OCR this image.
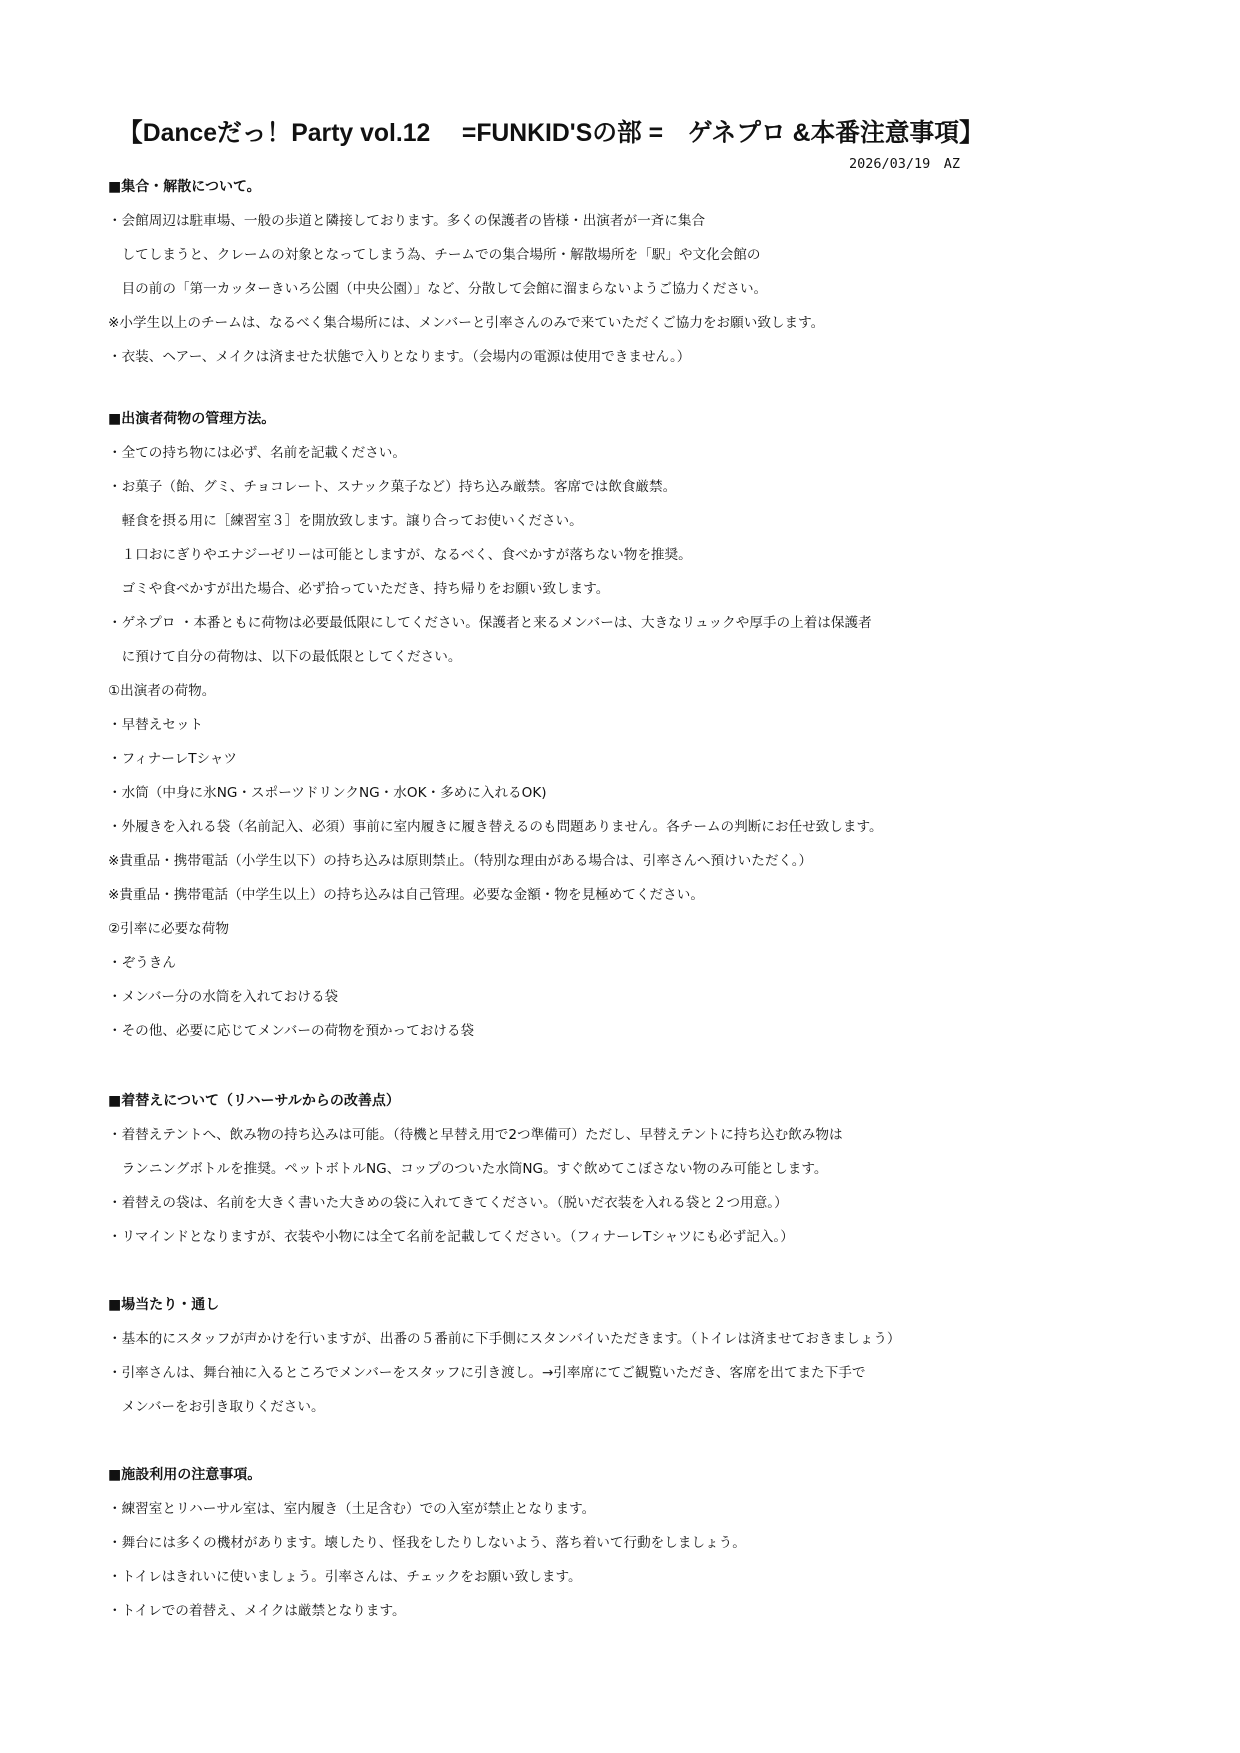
【Danceだっ！Party vol.12　 =FUNKID'Sの部 =　ゲネプロ &本番注意事項】
2026/03/19　AZ
■集合・解散について。
・会館周辺は駐車場、一般の歩道と隣接しております。多くの保護者の皆様・出演者が一斉に集合
　してしまうと、クレームの対象となってしまう為、チームでの集合場所・解散場所を「駅」や文化会館の
　目の前の「第一カッターきいろ公園（中央公園）」など、分散して会館に溜まらないようご協力ください。
※小学生以上のチームは、なるべく集合場所には、メンバーと引率さんのみで来ていただくご協力をお願い致します。
・衣装、ヘアー、メイクは済ませた状態で入りとなります。（会場内の電源は使用できません。）
■出演者荷物の管理方法。
・全ての持ち物には必ず、名前を記載ください。
・お菓子（飴、グミ、チョコレート、スナック菓子など）持ち込み厳禁。客席では飲食厳禁。
　軽食を摂る用に［練習室３］を開放致します。譲り合ってお使いください。
　１口おにぎりやエナジーゼリーは可能としますが、なるべく、食べかすが落ちない物を推奨。
　ゴミや食べかすが出た場合、必ず拾っていただき、持ち帰りをお願い致します。
・ゲネプロ ・本番ともに荷物は必要最低限にしてください。保護者と来るメンバーは、大きなリュックや厚手の上着は保護者
　に預けて自分の荷物は、以下の最低限としてください。
①出演者の荷物。
・早替えセット
・フィナーレTシャツ
・水筒（中身に氷NG・スポーツドリンクNG・水OK・多めに入れるOK)
・外履きを入れる袋（名前記入、必須）事前に室内履きに履き替えるのも問題ありません。各チームの判断にお任せ致します。
※貴重品・携帯電話（小学生以下）の持ち込みは原則禁止。（特別な理由がある場合は、引率さんへ預けいただく。）
※貴重品・携帯電話（中学生以上）の持ち込みは自己管理。必要な金額・物を見極めてください。
②引率に必要な荷物
・ぞうきん
・メンバー分の水筒を入れておける袋
・その他、必要に応じてメンバーの荷物を預かっておける袋
■着替えについて（リハーサルからの改善点）
・着替えテントへ、飲み物の持ち込みは可能。（待機と早替え用で2つ準備可）ただし、早替えテントに持ち込む飲み物は
　ランニングボトルを推奨。ペットボトルNG、コップのついた水筒NG。すぐ飲めてこぼさない物のみ可能とします。
・着替えの袋は、名前を大きく書いた大きめの袋に入れてきてください。（脱いだ衣装を入れる袋と２つ用意。）
・リマインドとなりますが、衣装や小物には全て名前を記載してください。（フィナーレTシャツにも必ず記入。）
■場当たり・通し
・基本的にスタッフが声かけを行いますが、出番の５番前に下手側にスタンバイいただきます。（トイレは済ませておきましょう）
・引率さんは、舞台袖に入るところでメンバーをスタッフに引き渡し。→引率席にてご観覧いただき、客席を出てまた下手で
　メンバーをお引き取りください。
■施設利用の注意事項。
・練習室とリハーサル室は、室内履き（土足含む）での入室が禁止となります。
・舞台には多くの機材があります。壊したり、怪我をしたりしないよう、落ち着いて行動をしましょう。
・トイレはきれいに使いましょう。引率さんは、チェックをお願い致します。
・トイレでの着替え、メイクは厳禁となります。
